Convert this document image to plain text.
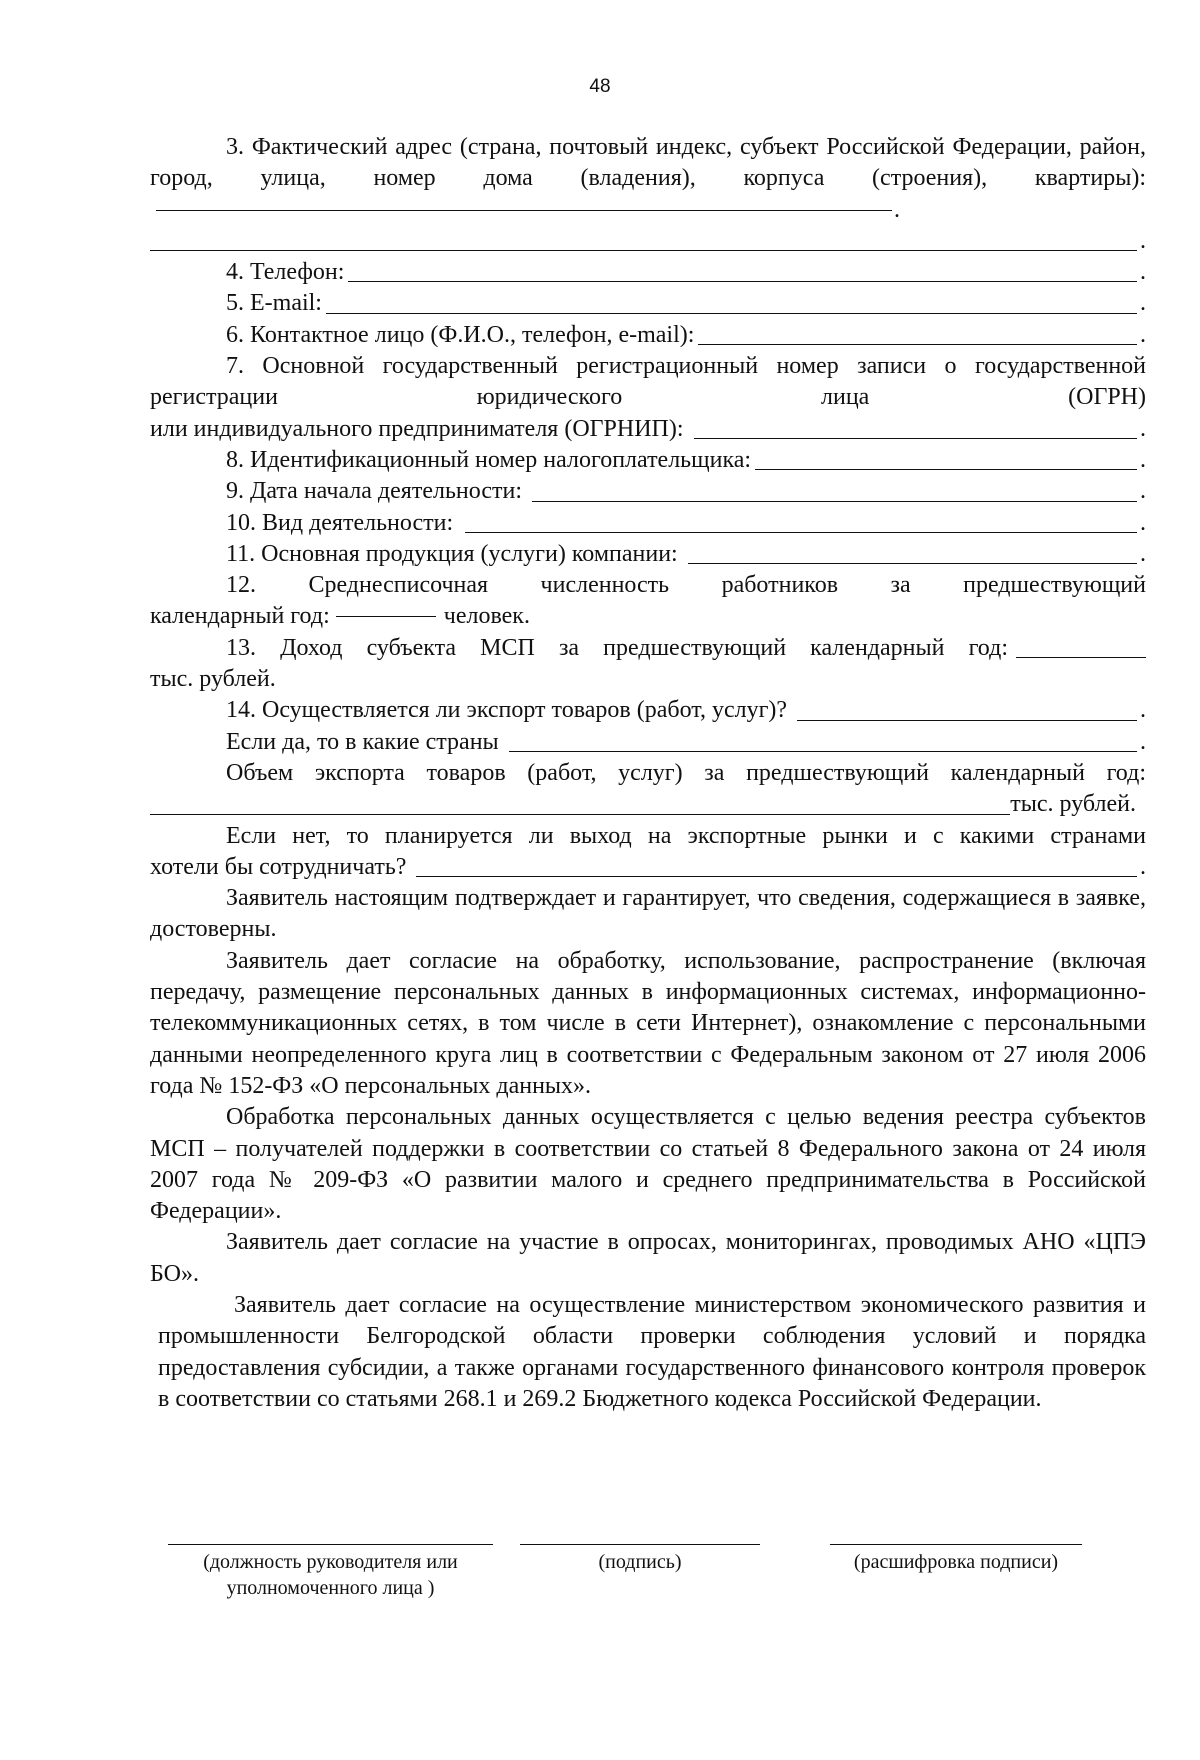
48

3. Фактический адрес (страна, почтовый индекс, субъект Российской Федерации, район, город, улица, номер дома (владения), корпуса (строения), квартиры):.

.
4. Телефон:	.
5. E-mail:	.
6. Контактное лицо (Ф.И.О., телефон, e-mail):	.

7. Основной государственный регистрационный номер записи о государственной регистрации юридического лица (ОГРН)

или индивидуального предпринимателя (ОГРНИП):	.
8. Идентификационный номер налогоплательщика:	.
9. Дата начала деятельности:	.
10. Вид деятельности:	.
11. Основная продукция (услуги) компании:	.

12. Среднесписочная численность работников за предшествующий

календарный год:	человек.

13. Доход субъекта МСП за предшествующий календарный год:

тыс. рублей.

14. Осуществляется ли экспорт товаров (работ, услуг)?	.
Если да, то в какие страны	.

Объем экспорта товаров (работ, услуг) за предшествующий календарный год:

тыс. рублей.

Если нет, то планируется ли выход на экспортные рынки и с какими странами

хотели бы сотрудничать?	.

Заявитель настоящим подтверждает и гарантирует, что сведения, содержащиеся в заявке, достоверны.

Заявитель дает согласие на обработку, использование, распространение (включая передачу, размещение персональных данных в информационных системах, информационно-телекоммуникационных сетях, в том числе в сети Интернет), ознакомление с персональными данными неопределенного круга лиц в соответствии с Федеральным законом от 27 июля 2006 года № 152-ФЗ «О персональных данных».

Обработка персональных данных осуществляется с целью ведения реестра субъектов МСП – получателей поддержки в соответствии со статьей 8 Федерального закона от 24 июля 2007 года № 209-ФЗ «О развитии малого и среднего предпринимательства в Российской Федерации».

Заявитель дает согласие на участие в опросах, мониторингах, проводимых АНО «ЦПЭ БО».

Заявитель дает согласие на осуществление министерством экономического развития и промышленности Белгородской области проверки соблюдения условий и порядка предоставления субсидии, а также органами государственного финансового контроля проверок в соответствии со статьями 268.1 и 269.2 Бюджетного кодекса Российской Федерации.

(должность руководителя или уполномоченного лица )
(подпись)	(расшифровка подписи)
